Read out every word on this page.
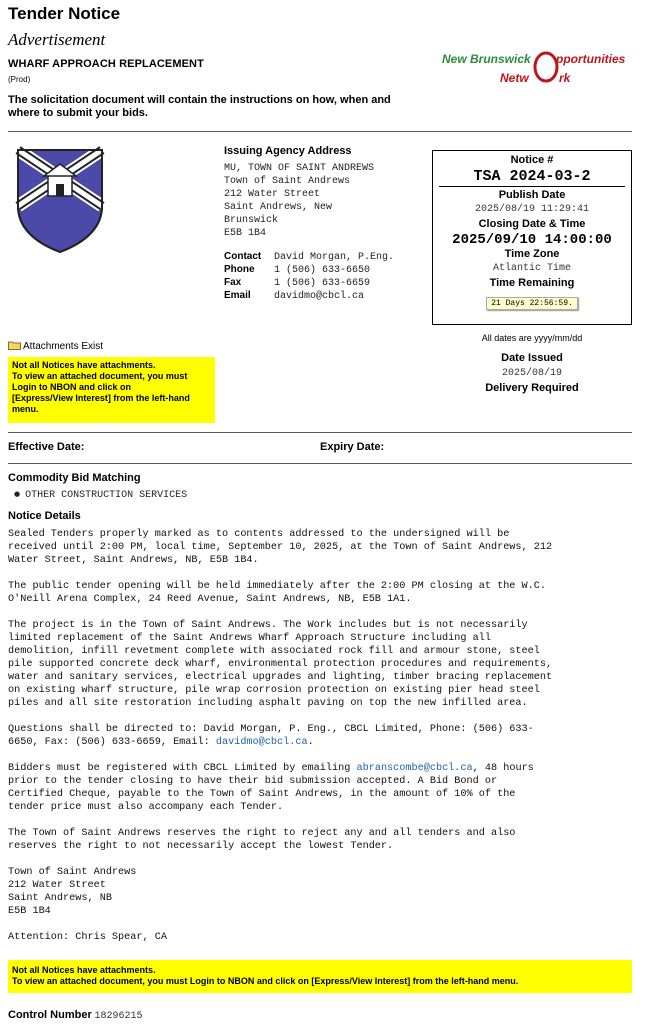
Tender Notice
Advertisement
WHARF APPROACH REPLACEMENT
(Prod)
The solicitation document will contain the instructions on how, when and where to submit your bids.
New Brunswick pportunities
Netw	rk
Issuing Agency Address
MU, TOWN OF SAINT ANDREWS
Town of Saint Andrews
212 Water Street
Saint Andrews, New
Brunswick
E5B 1B4
Contact David Morgan, P.Eng.
Phone 1 (506) 633-6650
Fax	1 (506) 633-6659
Email davidmo@cbcl.ca
Notice #
TSA 2024-03-2
Publish Date
2025/08/19 11:29:41
Closing Date & Time
2025/09/10 14:00:00
Time Zone
Atlantic Time
Time Remaining
21 Days 22:56:59.
All dates are yyyy/mm/dd
Date Issued
2025/08/19
Delivery Required
Attachments Exist
Not all Notices have attachments.
To view an attached document, you must
Login to NBON and click on
[Express/View Interest] from the left-hand
menu.
Effective Date:	Expiry Date:
Commodity Bid Matching
● OTHER CONSTRUCTION SERVICES
Notice Details

Sealed Tenders properly marked as to contents addressed to the undersigned will be
received until 2:00 PM, local time, September 10, 2025, at the Town of Saint Andrews, 212
Water Street, Saint Andrews, NB, E5B 1B4.

The public tender opening will be held immediately after the 2:00 PM closing at the W.C.
O'Neill Arena Complex, 24 Reed Avenue, Saint Andrews, NB, E5B 1A1.

The project is in the Town of Saint Andrews. The Work includes but is not necessarily
limited replacement of the Saint Andrews Wharf Approach Structure including all
demolition, infill revetment complete with associated rock fill and armour stone, steel
pile supported concrete deck wharf, environmental protection procedures and requirements,
water and sanitary services, electrical upgrades and lighting, timber bracing replacement
on existing wharf structure, pile wrap corrosion protection on existing pier head steel
piles and all site restoration including asphalt paving on top the new infilled area.

Questions shall be directed to: David Morgan, P. Eng., CBCL Limited, Phone: (506) 633-
6650, Fax: (506) 633-6659, Email: davidmo@cbcl.ca.

Bidders must be registered with CBCL Limited by emailing abranscombe@cbcl.ca, 48 hours
prior to the tender closing to have their bid submission accepted. A Bid Bond or
Certified Cheque, payable to the Town of Saint Andrews, in the amount of 10% of the
tender price must also accompany each Tender.

The Town of Saint Andrews reserves the right to reject any and all tenders and also
reserves the right to not necessarily accept the lowest Tender.

Town of Saint Andrews
212 Water Street
Saint Andrews, NB
E5B 1B4

Attention: Chris Spear, CA

Not all Notices have attachments.
To view an attached document, you must Login to NBON and click on [Express/View Interest] from the left-hand menu.
Control Number 18296215
